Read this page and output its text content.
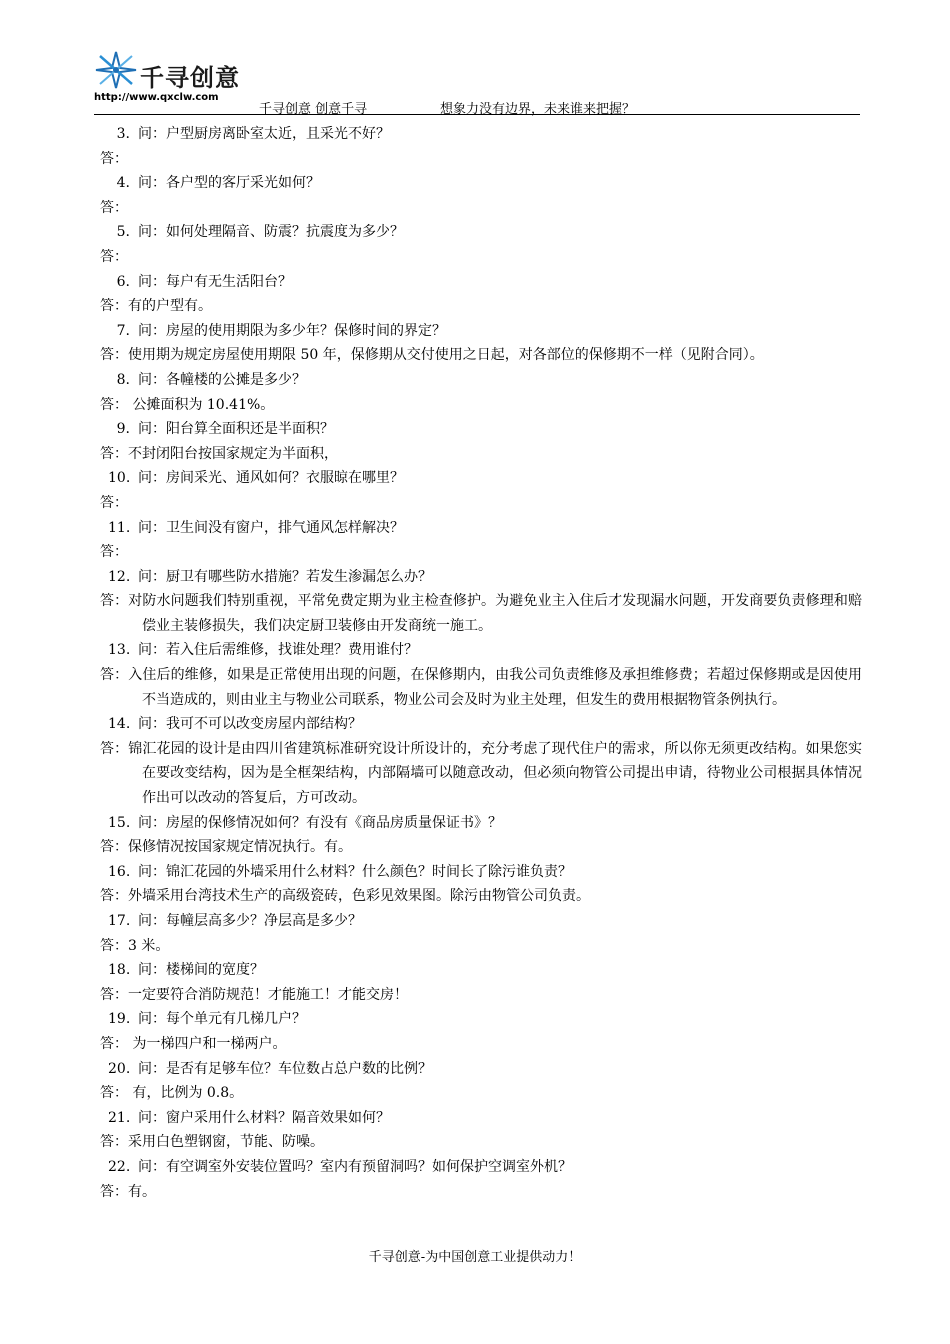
千寻创意
http://www.qxclw.com
千寻创意 创意千寻	想象力没有边界，未来谁来把握？
3. 问：户型厨房离卧室太近，且采光不好？
答：
4. 问：各户型的客厅采光如何？
答：
5. 问：如何处理隔音、防震？抗震度为多少？
答：
6. 问：每户有无生活阳台？
答：有的户型有。
7. 问：房屋的使用期限为多少年？保修时间的界定？
答：使用期为规定房屋使用期限 50 年，保修期从交付使用之日起，对各部位的保修期不一样（见附合同）。
8. 问：各幢楼的公摊是多少？
答： 公摊面积为 10.41%。
9. 问：阳台算全面积还是半面积？
答：不封闭阳台按国家规定为半面积，
10. 问：房间采光、通风如何？衣服晾在哪里？
答：
11. 问：卫生间没有窗户，排气通风怎样解决？
答：
12. 问：厨卫有哪些防水措施？若发生渗漏怎么办？
答：对防水问题我们特别重视，平常免费定期为业主检查修护。为避免业主入住后才发现漏水问题，开发商要负责修理和赔偿业主装修损失，我们决定厨卫装修由开发商统一施工。
13. 问：若入住后需维修，找谁处理？费用谁付？
答：入住后的维修，如果是正常使用出现的问题，在保修期内，由我公司负责维修及承担维修费；若超过保修期或是因使用不当造成的，则由业主与物业公司联系，物业公司会及时为业主处理，但发生的费用根据物管条例执行。
14. 问：我可不可以改变房屋内部结构？
答：锦汇花园的设计是由四川省建筑标准研究设计所设计的，充分考虑了现代住户的需求，所以你无须更改结构。如果您实在要改变结构，因为是全框架结构，内部隔墙可以随意改动，但必须向物管公司提出申请，待物业公司根据具体情况作出可以改动的答复后，方可改动。
15. 问：房屋的保修情况如何？有没有《商品房质量保证书》？
答：保修情况按国家规定情况执行。有。
16. 问：锦汇花园的外墙采用什么材料？什么颜色？时间长了除污谁负责？
答：外墙采用台湾技术生产的高级瓷砖，色彩见效果图。除污由物管公司负责。
17. 问：每幢层高多少？净层高是多少？
答：3 米。
18. 问：楼梯间的宽度？
答：一定要符合消防规范！才能施工！才能交房！
19. 问：每个单元有几梯几户？
答： 为一梯四户和一梯两户。
20. 问：是否有足够车位？车位数占总户数的比例？
答： 有，比例为 0.8。
21. 问：窗户采用什么材料？隔音效果如何？
答：采用白色塑钢窗，节能、防噪。
22. 问：有空调室外安装位置吗？室内有预留洞吗？如何保护空调室外机？
答：有。
千寻创意-为中国创意工业提供动力！
